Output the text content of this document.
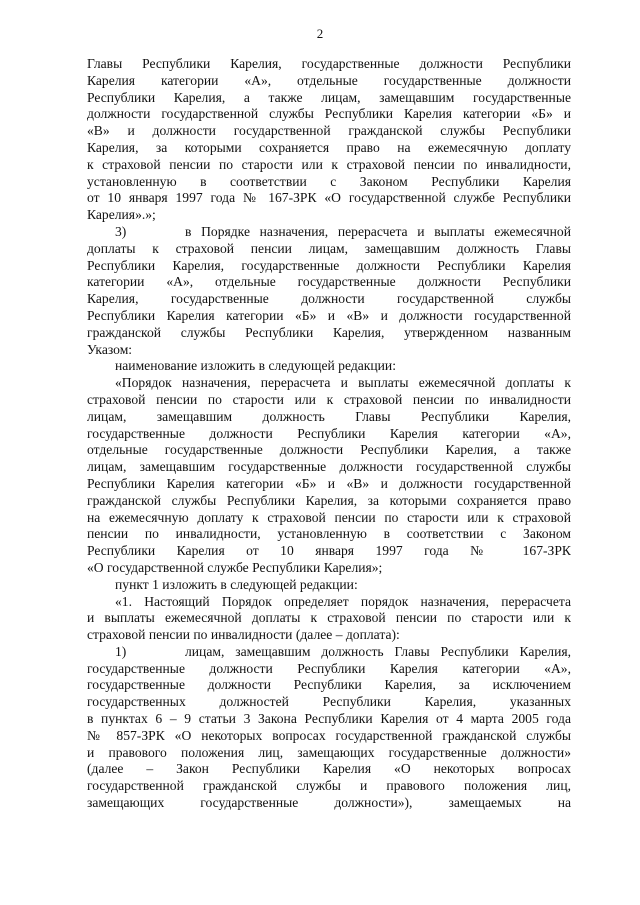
2
Главы Республики Карелия, государственные должности Республики
Карелия категории «А», отдельные государственные должности
Республики Карелия, а также лицам, замещавшим государственные
должности государственной службы Республики Карелия категории «Б» и
«В» и должности государственной гражданской службы Республики
Карелия, за которыми сохраняется право на ежемесячную доплату
к страховой пенсии по старости или к страховой пенсии по инвалидности,
установленную в соответствии с Законом Республики Карелия
от 10 января 1997 года № 167-ЗРК «О государственной службе Республики
Карелия».»;
3)	в Порядке назначения, перерасчета и выплаты ежемесячной
доплаты к страховой пенсии лицам, замещавшим должность Главы
Республики Карелия, государственные должности Республики Карелия
категории «А», отдельные государственные должности Республики
Карелия, государственные должности государственной службы
Республики Карелия категории «Б» и «В» и должности государственной
гражданской службы Республики Карелия, утвержденном названным
Указом:
наименование изложить в следующей редакции:
«Порядок назначения, перерасчета и выплаты ежемесячной доплаты к
страховой пенсии по старости или к страховой пенсии по инвалидности
лицам, замещавшим должность Главы Республики Карелия,
государственные должности Республики Карелия категории «А»,
отдельные государственные должности Республики Карелия, а также
лицам, замещавшим государственные должности государственной службы
Республики Карелия категории «Б» и «В» и должности государственной
гражданской службы Республики Карелия, за которыми сохраняется право
на ежемесячную доплату к страховой пенсии по старости или к страховой
пенсии по инвалидности, установленную в соответствии с Законом
Республики Карелия от 10 января 1997 года № 167-ЗРК
«О государственной службе Республики Карелия»;
пункт 1 изложить в следующей редакции:
«1. Настоящий Порядок определяет порядок назначения, перерасчета
и выплаты ежемесячной доплаты к страховой пенсии по старости или к
страховой пенсии по инвалидности (далее – доплата):
1)	лицам, замещавшим должность Главы Республики Карелия,
государственные должности Республики Карелия категории «А»,
государственные должности Республики Карелия, за исключением
государственных должностей Республики Карелия, указанных
в пунктах 6 – 9 статьи 3 Закона Республики Карелия от 4 марта 2005 года
№ 857-ЗРК «О некоторых вопросах государственной гражданской службы
и правового положения лиц, замещающих государственные должности»
(далее – Закон Республики Карелия «О некоторых вопросах
государственной гражданской службы и правового положения лиц,
замещающих государственные должности»), замещаемых на
